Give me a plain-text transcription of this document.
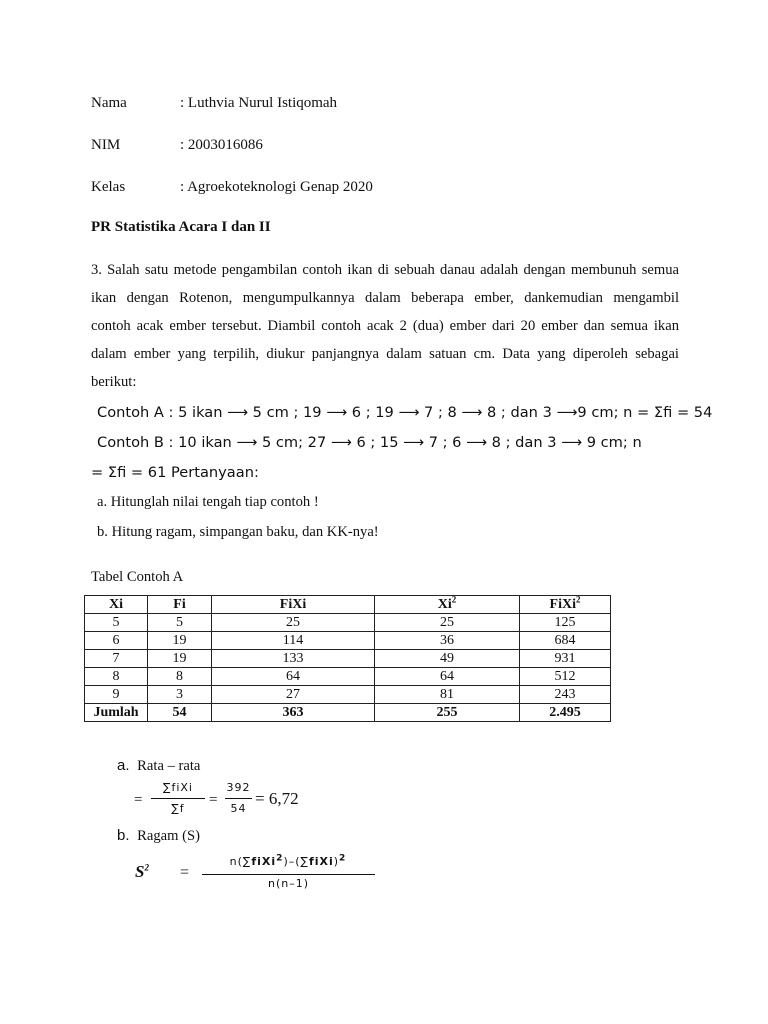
Nama	: Luthvia Nurul Istiqomah
NIM	: 2003016086
Kelas	: Agroekoteknologi Genap 2020
PR Statistika Acara I dan II
3. Salah satu metode pengambilan contoh ikan di sebuah danau adalah dengan membunuh semua
ikan dengan Rotenon, mengumpulkannya dalam beberapa ember, dankemudian mengambil
contoh acak ember tersebut. Diambil contoh acak 2 (dua) ember dari 20 ember dan semua ikan
dalam ember yang terpilih, diukur panjangnya dalam satuan cm. Data yang diperoleh sebagai
berikut:
Contoh A : 5 ikan ⟶ 5 cm ; 19 ⟶ 6 ; 19 ⟶ 7 ; 8 ⟶ 8 ; dan 3 ⟶9 cm; n = Σfi = 54
Contoh B : 10 ikan ⟶ 5 cm; 27 ⟶ 6 ; 15 ⟶ 7 ; 6 ⟶ 8 ; dan 3 ⟶ 9 cm; n
= Σfi = 61 Pertanyaan:
a. Hitunglah nilai tengah tiap contoh !
b. Hitung ragam, simpangan baku, dan KK-nya!
Tabel Contoh A
Xi	Fi	FiXi	Xi$^2$	FiXi$^2$
5	5	25	25	125
6	19	114	36	684
7	19	133	49	931
8	8	64	64	512
9	3	27	81	243
Jumlah	54	363	255	2.495
a. Rata – rata
=
∑fiXi
∑f
=
392
54
= 6,72
b. Ragam (S)
$S^2$ =
n(∑fiXi$^2$)–(∑fiXi)$^2$
n(n–1)
